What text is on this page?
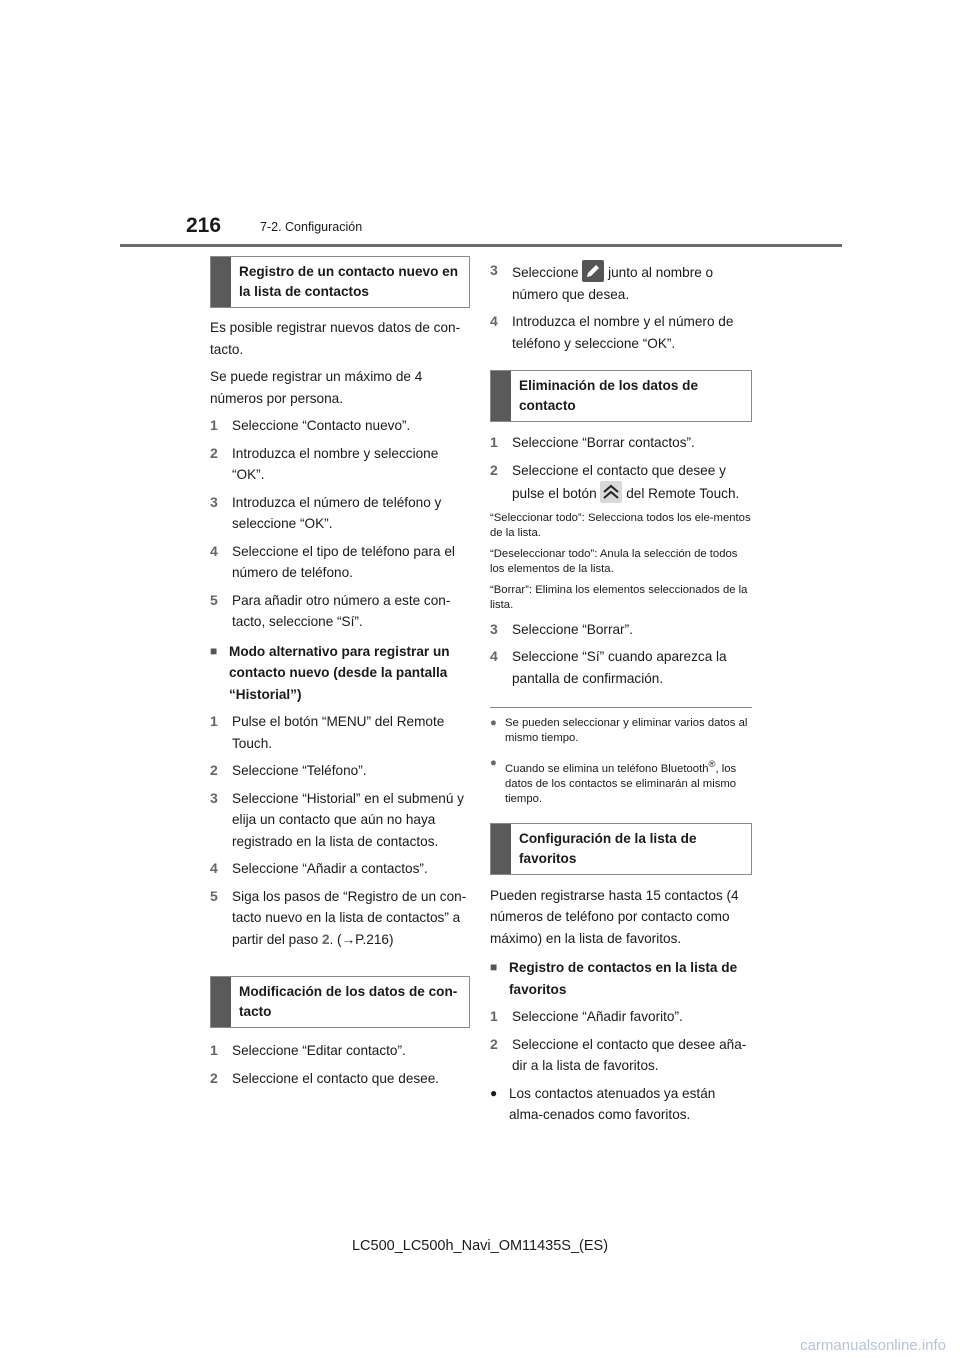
216	7-2. Configuración
Registro de un contacto nuevo en la lista de contactos

Es posible registrar nuevos datos de con-tacto.

Se puede registrar un máximo de 4 números por persona.

1	Seleccione “Contacto nuevo”.
2	Introduzca el nombre y seleccione “OK”.
3	Introduzca el número de teléfono y seleccione “OK”.
4	Seleccione el tipo de teléfono para el número de teléfono.
5	Para añadir otro número a este con-tacto, seleccione “Sí”.
■ Modo alternativo para registrar un contacto nuevo (desde la pantalla “Historial”)
1	Pulse el botón “MENU” del Remote Touch.
2	Seleccione “Teléfono”.
3	Seleccione “Historial” en el submenú y elija un contacto que aún no haya registrado en la lista de contactos.
4	Seleccione “Añadir a contactos”.
5	Siga los pasos de “Registro de un con-tacto nuevo en la lista de contactos” a partir del paso 2. (→P.216)
Modificación de los datos de con-tacto
1	Seleccione “Editar contacto”.
2	Seleccione el contacto que desee.
3	Seleccione junto al nombre o número que desea.
4	Introduzca el nombre y el número de teléfono y seleccione “OK”.
Eliminación de los datos de contacto
1	Seleccione “Borrar contactos”.
2	Seleccione el contacto que desee y pulse el botón del Remote Touch.

“Seleccionar todo”: Selecciona todos los ele-mentos de la lista.

“Deseleccionar todo”: Anula la selección de todos los elementos de la lista.

“Borrar”: Elimina los elementos seleccionados de la lista.

3	Seleccione “Borrar”.
4	Seleccione “Sí” cuando aparezca la pantalla de confirmación.
● Se pueden seleccionar y eliminar varios datos al mismo tiempo.
● Cuando se elimina un teléfono Bluetooth®, los datos de los contactos se eliminarán al mismo tiempo.
Configuración de la lista de favoritos

Pueden registrarse hasta 15 contactos (4 números de teléfono por contacto como máximo) en la lista de favoritos.

■ Registro de contactos en la lista de favoritos
1	Seleccione “Añadir favorito”.
2	Seleccione el contacto que desee aña-dir a la lista de favoritos.
● Los contactos atenuados ya están alma-cenados como favoritos.
LC500_LC500h_Navi_OM11435S_(ES)
carmanualsonline.info
